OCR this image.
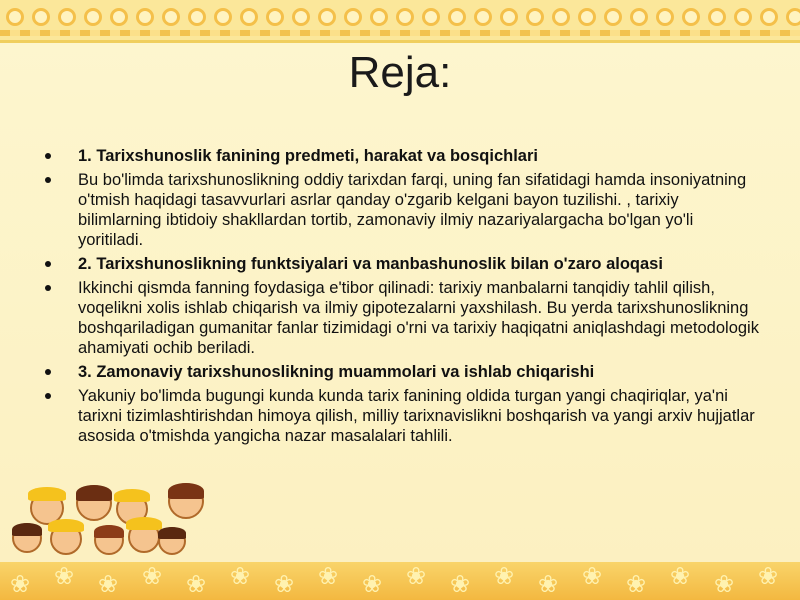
Reja:
1. Tarixshunoslik fanining predmeti, harakat va bosqichlari
Bu bo'limda tarixshunoslikning oddiy tarixdan farqi, uning fan sifatidagi hamda insoniyatning o'tmish haqidagi tasavvurlari asrlar qanday o'zgarib kelgani bayon tuzilishi. , tarixiy bilimlarning ibtidoiy shakllardan tortib, zamonaviy ilmiy nazariyalargacha bo'lgan yo'li yoritiladi.
2. Tarixshunoslikning funktsiyalari va manbashunoslik bilan o'zaro aloqasi
Ikkinchi qismda fanning foydasiga e'tibor qilinadi: tarixiy manbalarni tanqidiy tahlil qilish, voqelikni xolis ishlab chiqarish va ilmiy gipotezalarni yaxshilash. Bu yerda tarixshunoslikning boshqariladigan gumanitar fanlar tizimidagi o'rni va tarixiy haqiqatni aniqlashdagi metodologik ahamiyati ochib beriladi.
3. Zamonaviy tarixshunoslikning muammolari va ishlab chiqarishi
Yakuniy bo'limda bugungi kunda kunda tarix fanining oldida turgan yangi chaqiriqlar, ya'ni tarixni tizimlashtirishdan himoya qilish, milliy tarixnavislikni boshqarish va yangi arxiv hujjatlar asosida o'tmishda yangicha nazar masalalari tahlili.
❀ ❀ ❀ ❀ ❀ ❀ ❀ ❀ ❀ ❀ ❀ ❀ ❀ ❀ ❀ ❀ ❀ ❀
